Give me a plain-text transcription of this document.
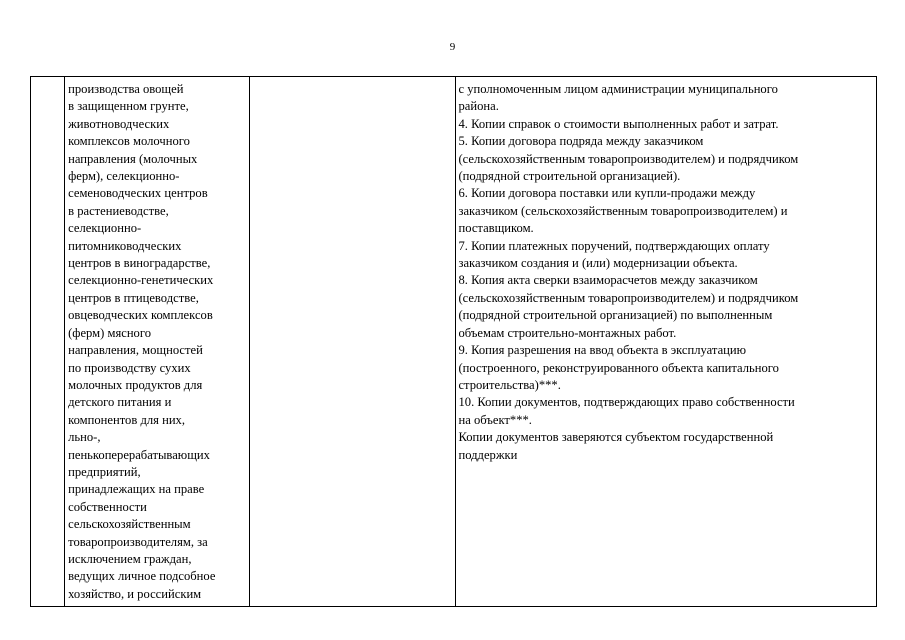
9

производства овощей
в защищенном грунте,
животноводческих
комплексов молочного
направления (молочных
ферм), селекционно-
семеноводческих центров
в растениеводстве,
селекционно-
питомниководческих
центров в виноградарстве,
селекционно-генетических
центров в птицеводстве,
овцеводческих комплексов
(ферм) мясного
направления, мощностей
по производству сухих
молочных продуктов для
детского питания и
компонентов для них,
льно-,
пенькоперерабатывающих
предприятий,
принадлежащих на праве
собственности
сельскохозяйственным
товаропроизводителям, за
исключением граждан,
ведущих личное подсобное
хозяйство, и российским

с уполномоченным лицом администрации муниципального
района.
4. Копии справок о стоимости выполненных работ и затрат.
5. Копии договора подряда между заказчиком
(сельскохозяйственным товаропроизводителем) и подрядчиком
(подрядной строительной организацией).
6. Копии договора поставки или купли-продажи между
заказчиком (сельскохозяйственным товаропроизводителем) и
поставщиком.
7. Копии платежных поручений, подтверждающих оплату
заказчиком создания и (или) модернизации объекта.
8. Копия акта сверки взаиморасчетов между заказчиком
(сельскохозяйственным товаропроизводителем) и подрядчиком
(подрядной строительной организацией) по выполненным
объемам строительно-монтажных работ.
9. Копия разрешения на ввод объекта в эксплуатацию
(построенного, реконструированного объекта капитального
строительства)***.
10. Копии документов, подтверждающих право собственности
на объект***.
Копии документов заверяются субъектом государственной
поддержки
